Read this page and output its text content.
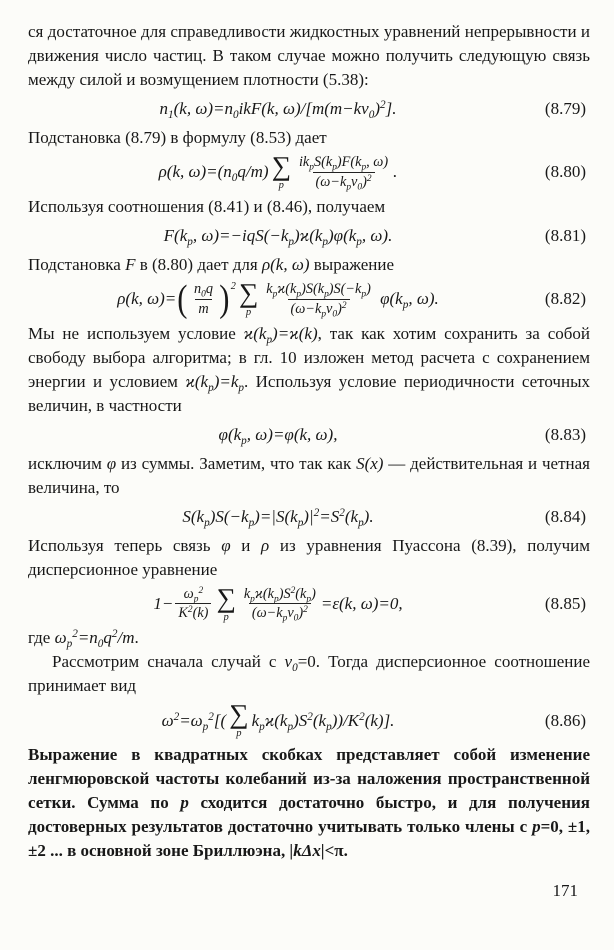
ся достаточное для справедливости жидкостных уравнений непрерывности и движения число частиц. В таком случае можно получить следующую связь между силой и возмущением плотности (5.38):

$n_1(k$, $\omega)=n_0ikF(k$, $\omega)/[m(m-kv_0)^2]$.	(8.79)

Подстановка (8.79) в формулу (8.53) дает

ρ(k, $\omega)=(n_0q/m)$ ∑
p $\frac{ik_pS(k_p)F(k_p, \omega)}{(\omega-k_pv_0)^2}$ .	(8.80)

Используя соотношения (8.41) и (8.46), получаем

$F(k_p$, $\omega)=-iqS(-k_p)ϰ(k_p)\varphi(k_p$, ω).	(8.81)

Подстановка F в (8.80) дает для ρ(k, ω) выражение

ρ(k, ω)= ( $\frac{n_0q}{m}$ ) 2 ∑
p $\frac{k_pϰ(k_p)S(k_p)S(-k_p)}{(\omega-k_pv_0)^2} \varphi(k_p$, ω).	(8.82)

Мы не используем условие $ϰ(k_p)=ϰ(k)$, так как хотим сохранить за собой свободу выбора алгоритма; в гл. 10 изложен метод расчета с сохранением энергии и условием $ϰ(k_p)=k_p$. Используя условие периодичности сеточных величин, в частности

$\varphi(k_p$, ω)=φ(k, ω),	(8.83)

исключим φ из суммы. Заметим, что так как S(x) — действительная и четная величина, то

$S(k_p)S(-k_p)=|S(k_p)|^2=S^2(k_p)$.	(8.84)

Используя теперь связь φ и ρ из уравнения Пуассона (8.39), получим дисперсионное уравнение

$1- \frac{\omega_p^2}{K^2(k)}$ ∑
p $\frac{k_pϰ(k_p)S^2(k_p)}{(\omega-k_pv_0)^2} =\varepsilon(k$, ω)=0,	(8.85)

где $\omega_p^2=n_0q^2/m$.

Рассмотрим сначала случай с $v_0=0$. Тогда дисперсионное соотношение принимает вид

$\omega^2=\omega_p^2$[( ∑
p
$k_pϰ(k_p)S^2(k_p))/K^2(k)$].	(8.86)

Выражение в квадратных скобках представляет собой изменение ленгмюровской частоты колебаний из-за наложения пространственной сетки. Сумма по p сходится достаточно быстро, и для получения достоверных результатов достаточно учитывать только члены с p=0, ±1, ±2 ... в основной зоне Бриллюэна, |kΔx|<π.

171
